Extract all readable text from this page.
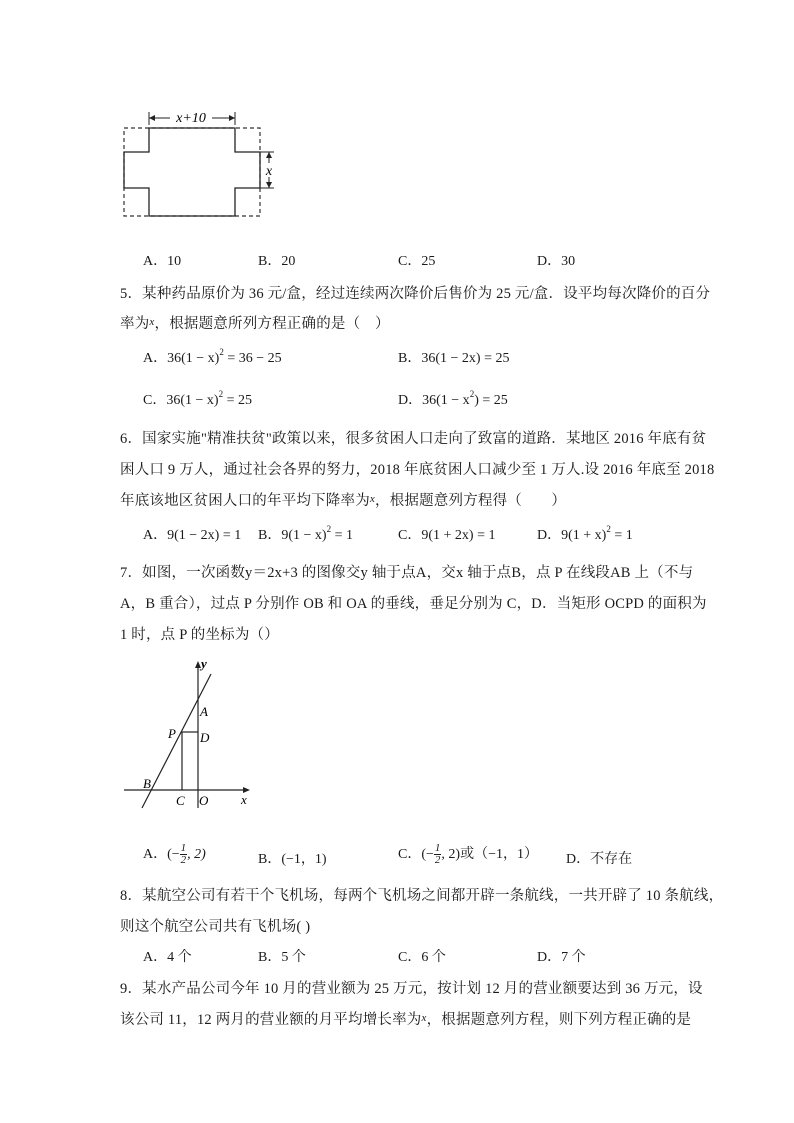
x+10
x
A．10	B．20	C．25	D．30
5．某种药品原价为 36 元/盒，经过连续两次降价后售价为 25 元/盒．设平均每次降价的百分
率为$^x$，根据题意所列方程正确的是（　）
A．$36(1 - x)^2 = 36 - 25$	B．36(1 − 2x) = 25
C．$36(1 - x)^2 = 25$	D．$36(1 - x^2) = 25$
6．国家实施"精准扶贫"政策以来，很多贫困人口走向了致富的道路．某地区 2016 年底有贫
困人口 9 万人，通过社会各界的努力，2018 年底贫困人口减少至 1 万人.设 2016 年底至 2018
年底该地区贫困人口的年平均下降率为$^x$，根据题意列方程得（　　）
A．9(1 − 2x) = 1 B．$9(1 - x)^2 = 1$	C．9(1 + 2x) = 1	D．$9(1 + x)^2 = 1$
7．如图，一次函数y＝2x+3 的图像交y 轴于点A，交x 轴于点B，点 P 在线段AB 上（不与
A，B 重合），过点 P 分别作 OB 和 OA 的垂线，垂足分别为 C，D．当矩形 OCPD 的面积为
1 时，点 P 的坐标为（）
y
x
A
P D
B
C O
A．(− $\frac{1}{2}$ , 2)	B．(−1，1)	C．(− $\frac{1}{2}$ , 2)或（−1，1） D．不存在
8．某航空公司有若干个飞机场，每两个飞机场之间都开辟一条航线，一共开辟了 10 条航线，
则这个航空公司共有飞机场( )
A．4 个	B．5 个	C．6 个	D．7 个
9．某水产品公司今年 10 月的营业额为 25 万元，按计划 12 月的营业额要达到 36 万元，设
该公司 11，12 两月的营业额的月平均增长率为$^x$，根据题意列方程，则下列方程正确的是
